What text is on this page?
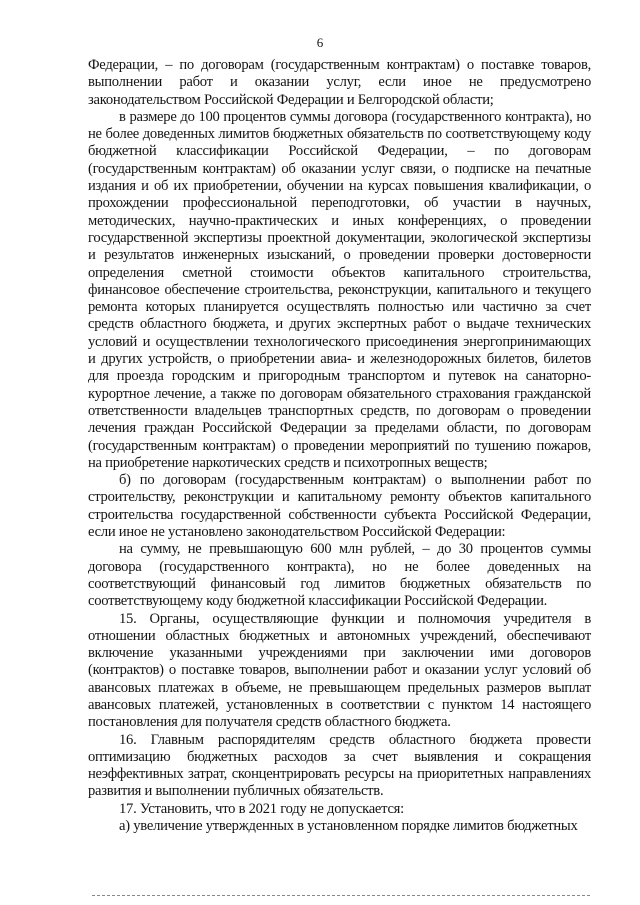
6

Федерации, – по договорам (государственным контрактам) о поставке товаров, выполнении работ и оказании услуг, если иное не предусмотрено законодательством Российской Федерации и Белгородской области;

в размере до 100 процентов суммы договора (государственного контракта), но не более доведенных лимитов бюджетных обязательств по соответствующему коду бюджетной классификации Российской Федерации, – по договорам (государственным контрактам) об оказании услуг связи, о подписке на печатные издания и об их приобретении, обучении на курсах повышения квалификации, о прохождении профессиональной переподготовки, об участии в научных, методических, научно-практических и иных конференциях, о проведении государственной экспертизы проектной документации, экологической экспертизы и результатов инженерных изысканий, о проведении проверки достоверности определения сметной стоимости объектов капитального строительства, финансовое обеспечение строительства, реконструкции, капитального и текущего ремонта которых планируется осуществлять полностью или частично за счет средств областного бюджета, и других экспертных работ о выдаче технических условий и осуществлении технологического присоединения энергопринимающих и других устройств, о приобретении авиа- и железнодорожных билетов, билетов для проезда городским и пригородным транспортом и путевок на санаторно-курортное лечение, а также по договорам обязательного страхования гражданской ответственности владельцев транспортных средств, по договорам о проведении лечения граждан Российской Федерации за пределами области, по договорам (государственным контрактам) о проведении мероприятий по тушению пожаров, на приобретение наркотических средств и психотропных веществ;

б) по договорам (государственным контрактам) о выполнении работ по строительству, реконструкции и капитальному ремонту объектов капитального строительства государственной собственности субъекта Российской Федерации, если иное не установлено законодательством Российской Федерации:

на сумму, не превышающую 600 млн рублей, – до 30 процентов суммы договора (государственного контракта), но не более доведенных на соответствующий финансовый год лимитов бюджетных обязательств по соответствующему коду бюджетной классификации Российской Федерации.

15. Органы, осуществляющие функции и полномочия учредителя в отношении областных бюджетных и автономных учреждений, обеспечивают включение указанными учреждениями при заключении ими договоров (контрактов) о поставке товаров, выполнении работ и оказании услуг условий об авансовых платежах в объеме, не превышающем предельных размеров выплат авансовых платежей, установленных в соответствии с пунктом 14 настоящего постановления для получателя средств областного бюджета.

16. Главным распорядителям средств областного бюджета провести оптимизацию бюджетных расходов за счет выявления и сокращения неэффективных затрат, сконцентрировать ресурсы на приоритетных направлениях развития и выполнении публичных обязательств.

17. Установить, что в 2021 году не допускается:

а) увеличение утвержденных в установленном порядке лимитов бюджетных
